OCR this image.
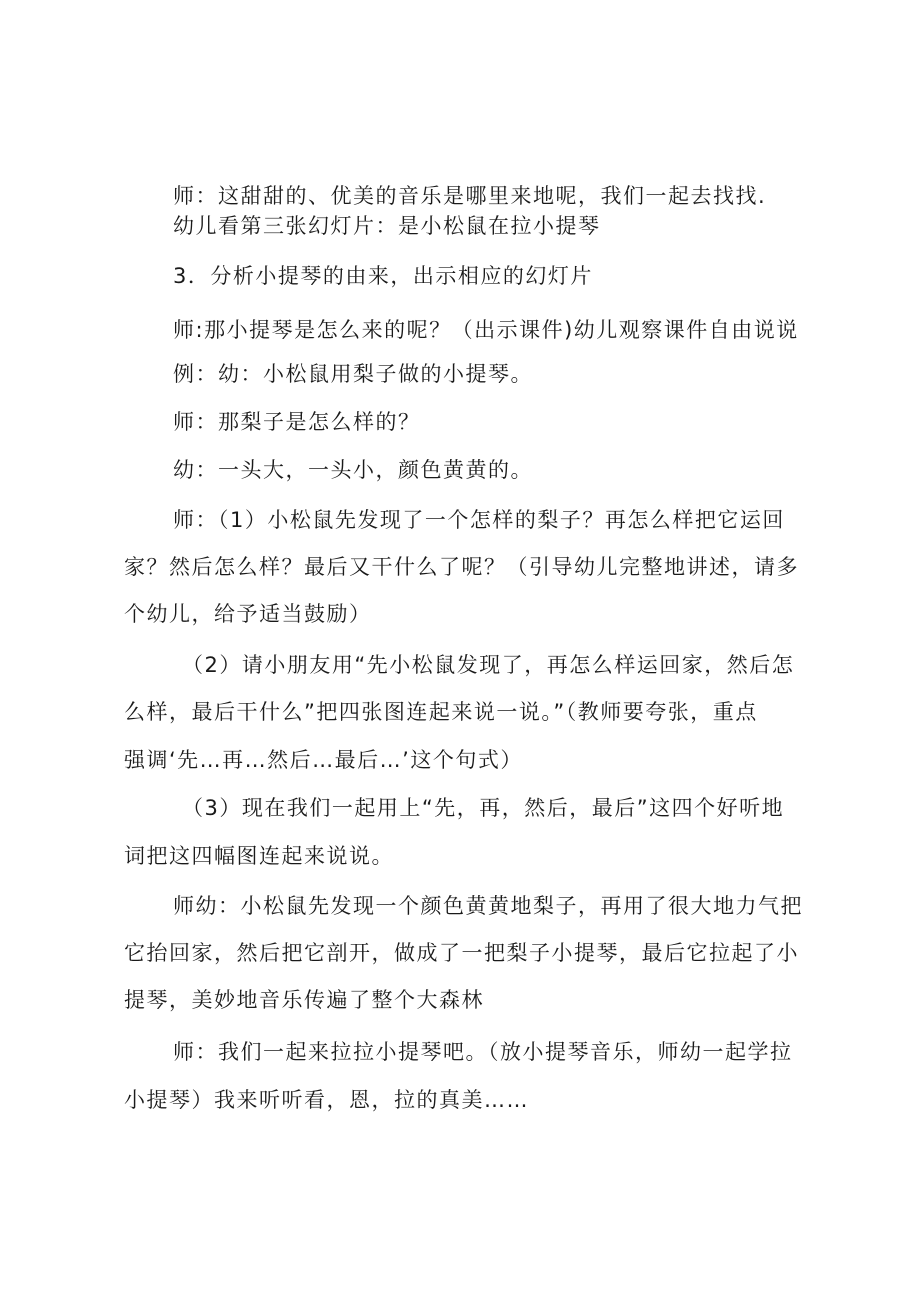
师：这甜甜的、优美的音乐是哪里来地呢，我们一起去找找.

幼儿看第三张幻灯片：是小松鼠在拉小提琴

3．分析小提琴的由来，出示相应的幻灯片

师:那小提琴是怎么来的呢？（出示课件)幼儿观察课件自由说说

例：幼：小松鼠用梨子做的小提琴。

师：那梨子是怎么样的？

幼：一头大，一头小，颜色黄黄的。

师：（1）小松鼠先发现了一个怎样的梨子？再怎么样把它运回

家？然后怎么样？最后又干什么了呢？（引导幼儿完整地讲述，请多

个幼儿，给予适当鼓励）

（2）请小朋友用“先小松鼠发现了，再怎么样运回家，然后怎

么样，最后干什么”把四张图连起来说一说。”（教师要夸张，重点

强调‘先…再…然后…最后…’这个句式）

（3）现在我们一起用上“先，再，然后，最后”这四个好听地

词把这四幅图连起来说说。

师幼：小松鼠先发现一个颜色黄黄地梨子，再用了很大地力气把

它抬回家，然后把它剖开，做成了一把梨子小提琴，最后它拉起了小

提琴，美妙地音乐传遍了整个大森林

师：我们一起来拉拉小提琴吧。（放小提琴音乐，师幼一起学拉

小提琴）我来听听看，恩，拉的真美……
